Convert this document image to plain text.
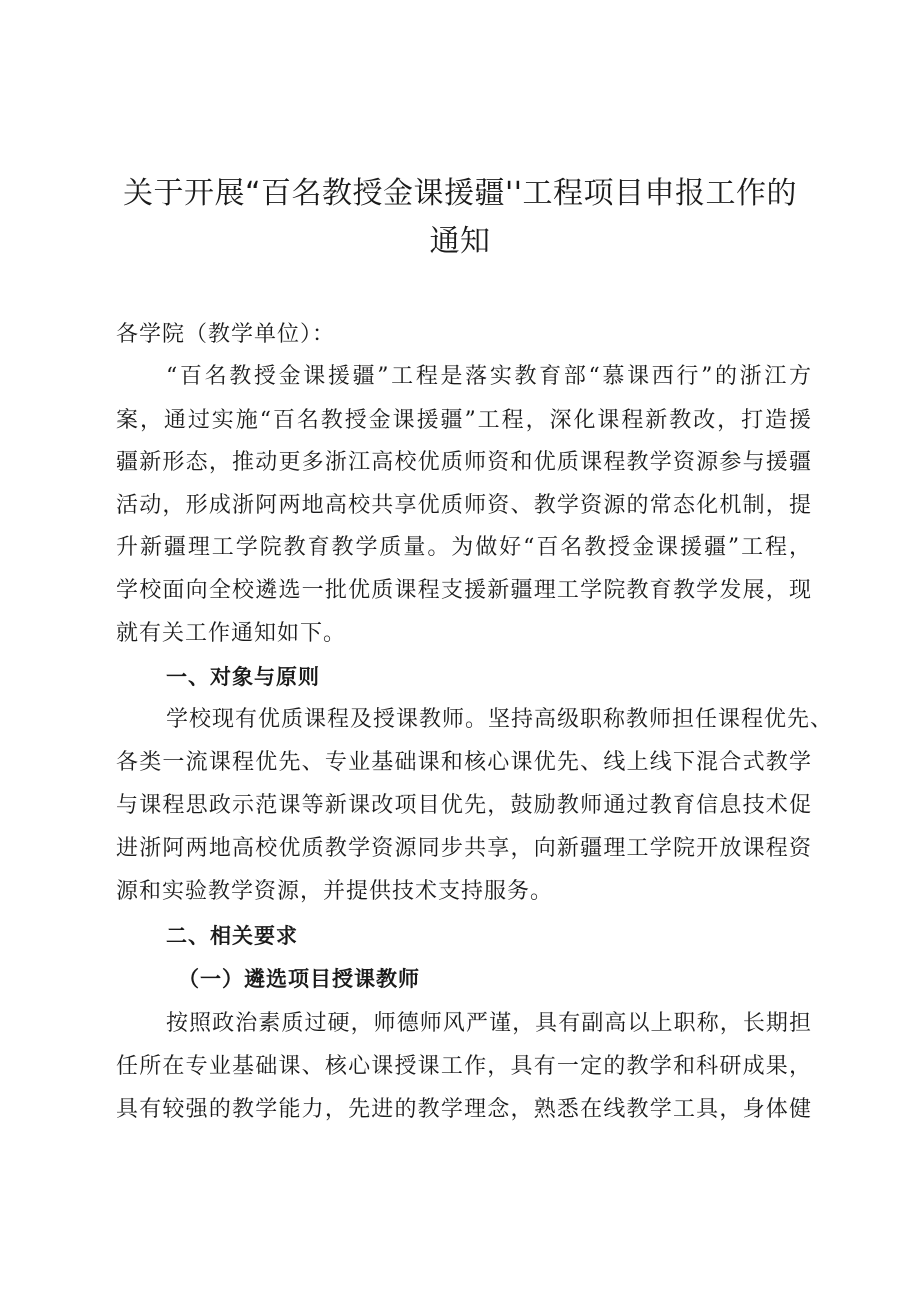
关于开展“百名教授金课援疆''工程项目申报工作的
通知

各学院（教学单位）：

“百名教授金课援疆”工程是落实教育部“慕课西行”的浙江方

案，通过实施“百名教授金课援疆”工程，深化课程新教改，打造援

疆新形态，推动更多浙江高校优质师资和优质课程教学资源参与援疆

活动，形成浙阿两地高校共享优质师资、教学资源的常态化机制，提

升新疆理工学院教育教学质量。为做好“百名教授金课援疆”工程，

学校面向全校遴选一批优质课程支援新疆理工学院教育教学发展，现

就有关工作通知如下。

一、对象与原则

学校现有优质课程及授课教师。坚持高级职称教师担任课程优先、

各类一流课程优先、专业基础课和核心课优先、线上线下混合式教学

与课程思政示范课等新课改项目优先，鼓励教师通过教育信息技术促

进浙阿两地高校优质教学资源同步共享，向新疆理工学院开放课程资

源和实验教学资源，并提供技术支持服务。

二、相关要求

（一）遴选项目授课教师

按照政治素质过硬，师德师风严谨，具有副高以上职称，长期担

任所在专业基础课、核心课授课工作，具有一定的教学和科研成果，

具有较强的教学能力，先进的教学理念，熟悉在线教学工具，身体健
